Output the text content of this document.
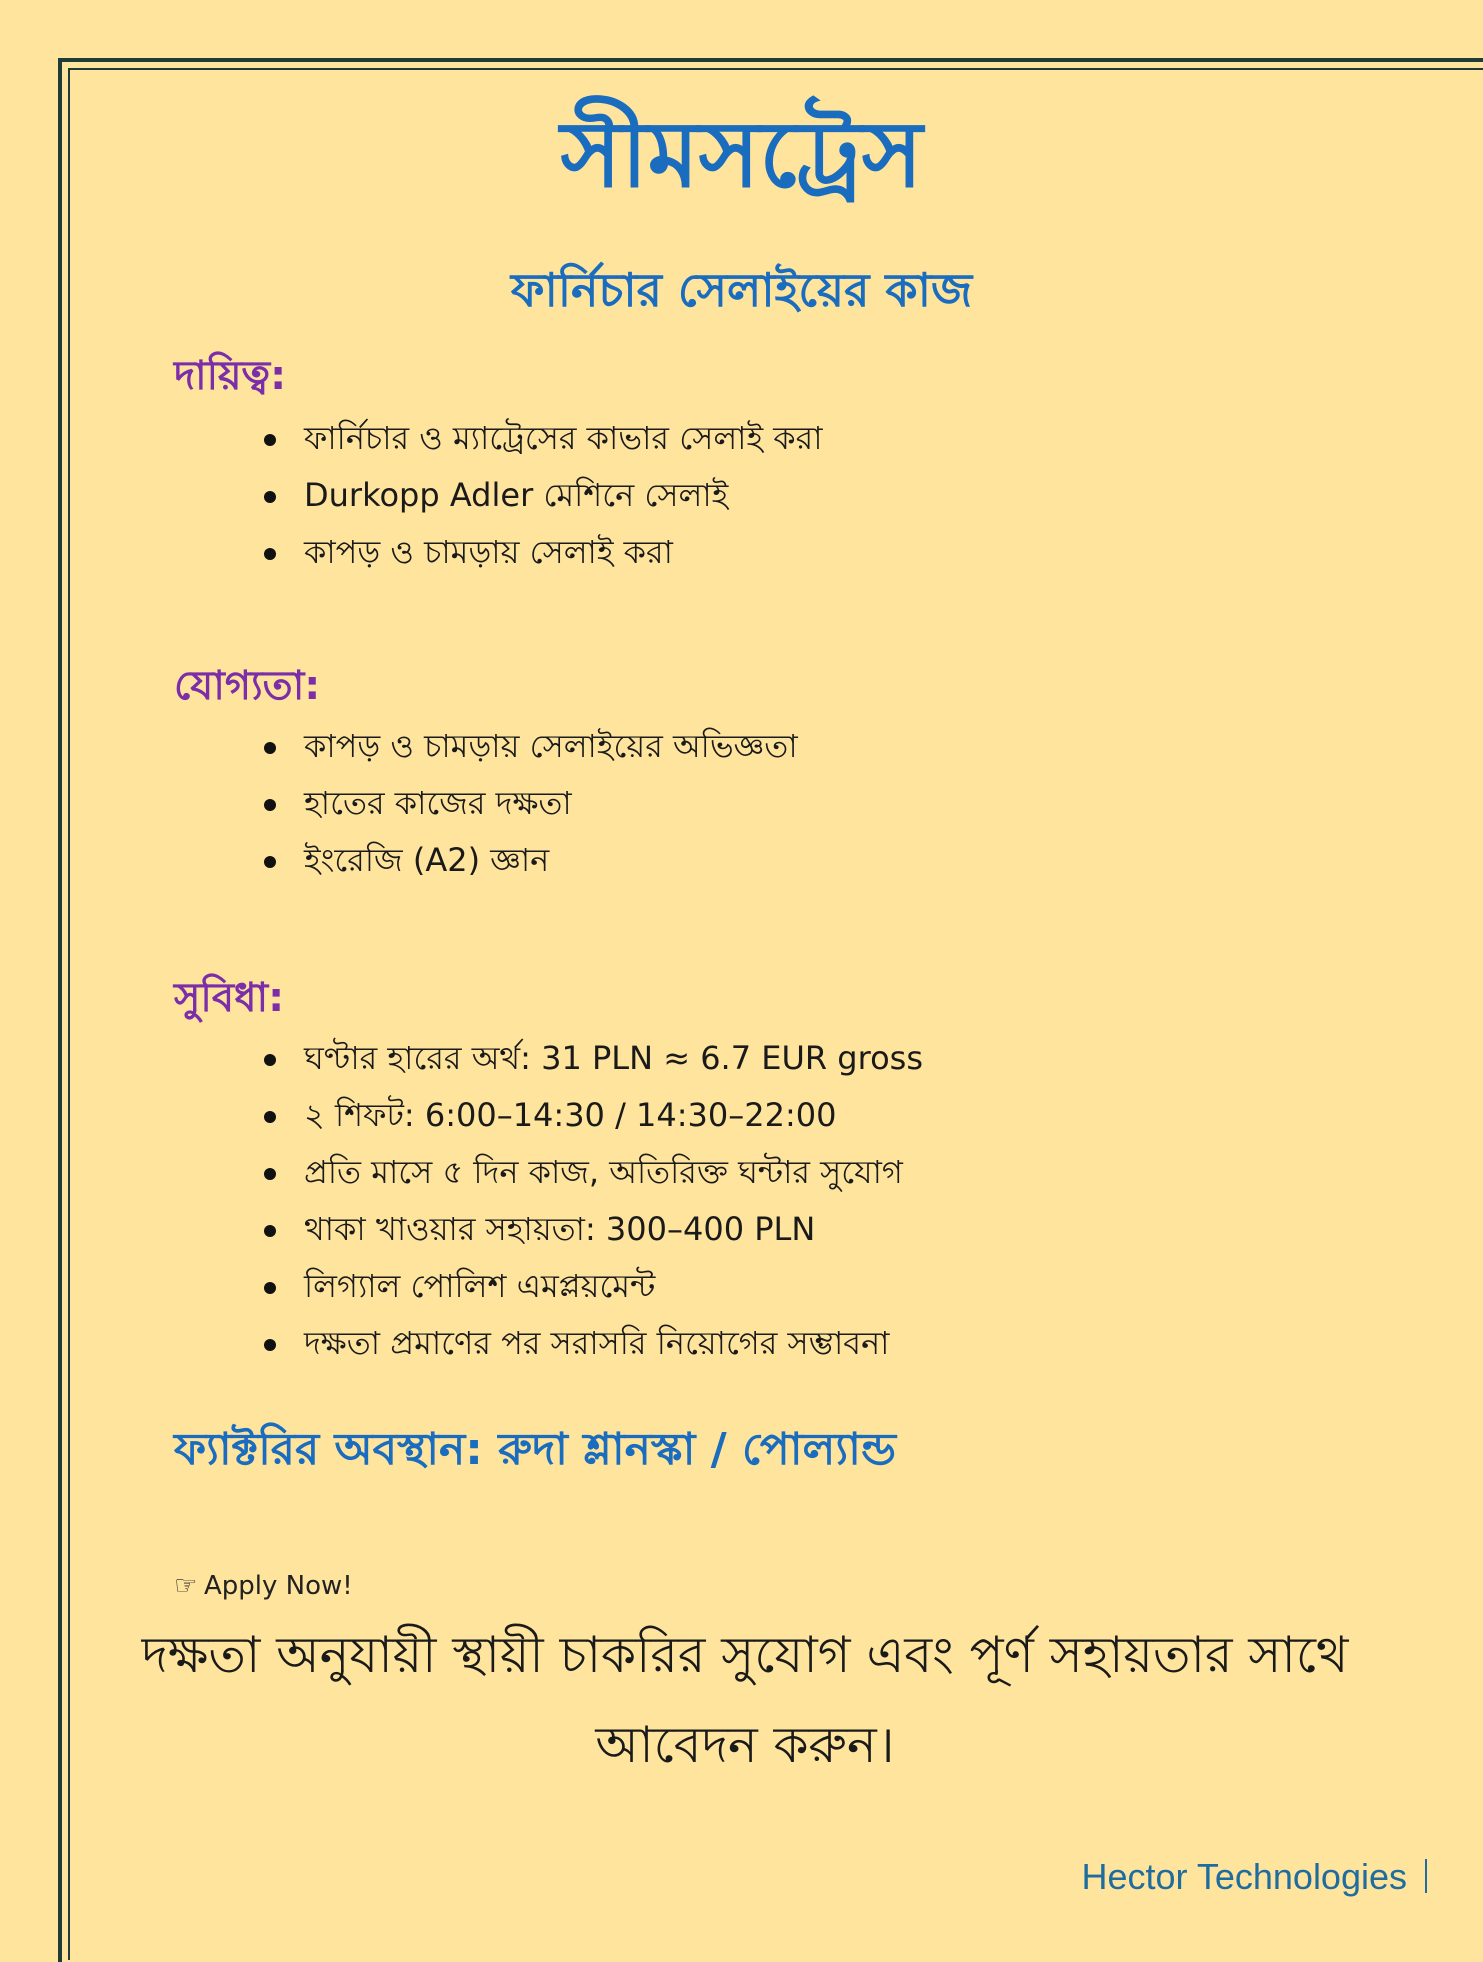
সীমসট্রেস
ফার্নিচার সেলাইয়ের কাজ
দায়িত্ব:
ফার্নিচার ও ম্যাট্রেসের কাভার সেলাই করা
Durkopp Adler মেশিনে সেলাই
কাপড় ও চামড়ায় সেলাই করা
যোগ্যতা:
কাপড় ও চামড়ায় সেলাইয়ের অভিজ্ঞতা
হাতের কাজের দক্ষতা
ইংরেজি (A2) জ্ঞান
সুবিধা:
ঘণ্টার হারের অর্থ: 31 PLN ≈ 6.7 EUR gross
২ শিফট: 6:00–14:30 / 14:30–22:00
প্রতি মাসে ৫ দিন কাজ, অতিরিক্ত ঘন্টার সুযোগ
থাকা খাওয়ার সহায়তা: 300–400 PLN
লিগ্যাল পোলিশ এমপ্লয়মেন্ট
দক্ষতা প্রমাণের পর সরাসরি নিয়োগের সম্ভাবনা

ফ্যাক্টরির অবস্থান: রুদা শ্লানস্কা / পোল্যান্ড

☞ Apply Now!

দক্ষতা অনুযায়ী স্থায়ী চাকরির সুযোগ এবং পূর্ণ সহায়তার সাথে আবেদন করুন।

Hector Technologies
